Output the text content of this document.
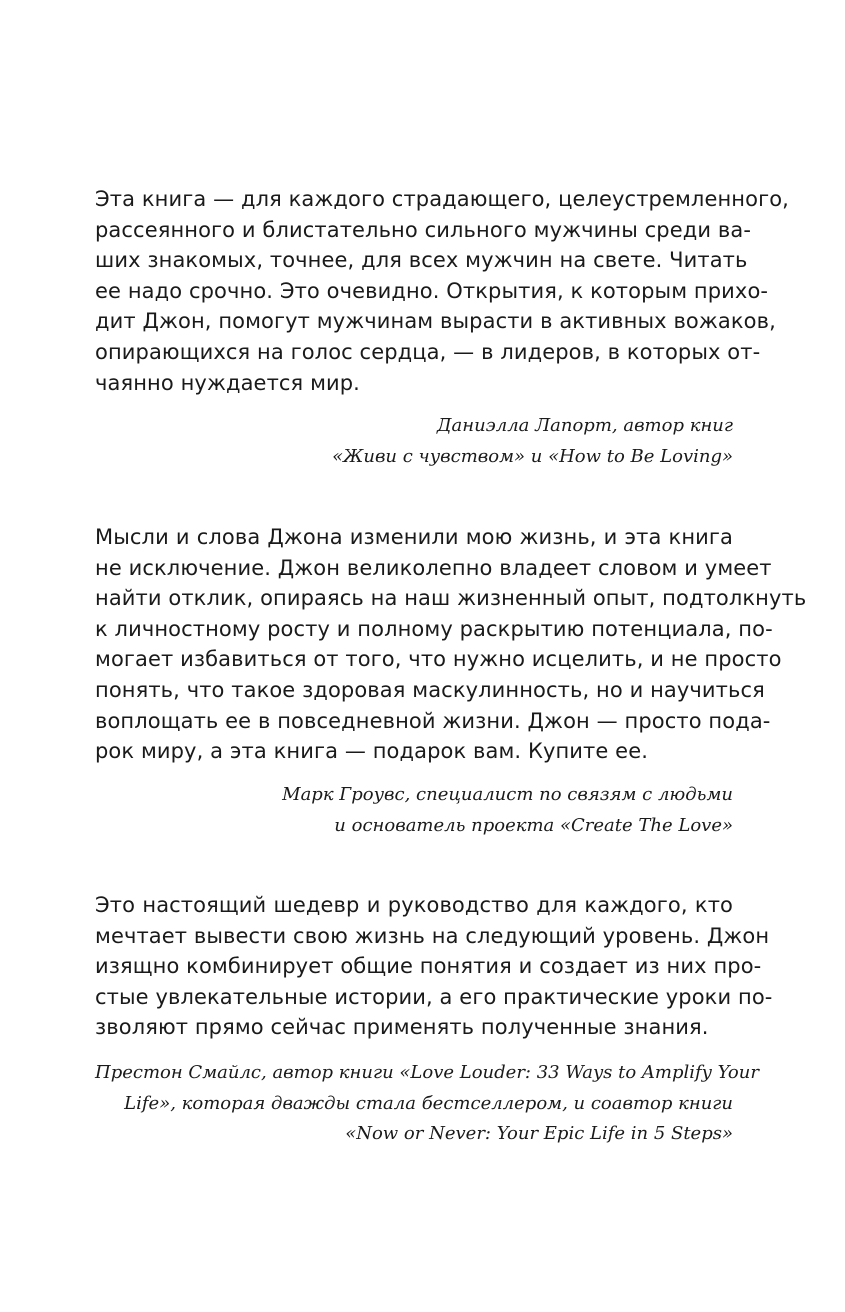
Эта книга — для каждого страдающего, целеустремленного,
рассеянного и блистательно сильного мужчины среди ва-
ших знакомых, точнее, для всех мужчин на свете. Читать
ее надо срочно. Это очевидно. Открытия, к которым прихо-
дит Джон, помогут мужчинам вырасти в активных вожаков,
опирающихся на голос сердца, — в лидеров, в которых от-
чаянно нуждается мир.
Даниэлла Лапорт, автор книг
«Живи с чувством» и «How to Be Loving»
Мысли и слова Джона изменили мою жизнь, и эта книга
не исключение. Джон великолепно владеет словом и умеет
найти отклик, опираясь на наш жизненный опыт, подтолкнуть
к личностному росту и полному раскрытию потенциала, по-
могает избавиться от того, что нужно исцелить, и не просто
понять, что такое здоровая маскулинность, но и научиться
воплощать ее в повседневной жизни. Джон — просто пода-
рок миру, а эта книга — подарок вам. Купите ее.
Марк Гроувс, специалист по связям с людьми
и основатель проекта «Create The Love»
Это настоящий шедевр и руководство для каждого, кто
мечтает вывести свою жизнь на следующий уровень. Джон
изящно комбинирует общие понятия и создает из них про-
стые увлекательные истории, а его практические уроки по-
зволяют прямо сейчас применять полученные знания.
Престон Смайлс, автор книги «Love Louder: 33 Ways to Amplify Your
Life», которая дважды стала бестселлером, и соавтор книги
«Now or Never: Your Epic Life in 5 Steps»
